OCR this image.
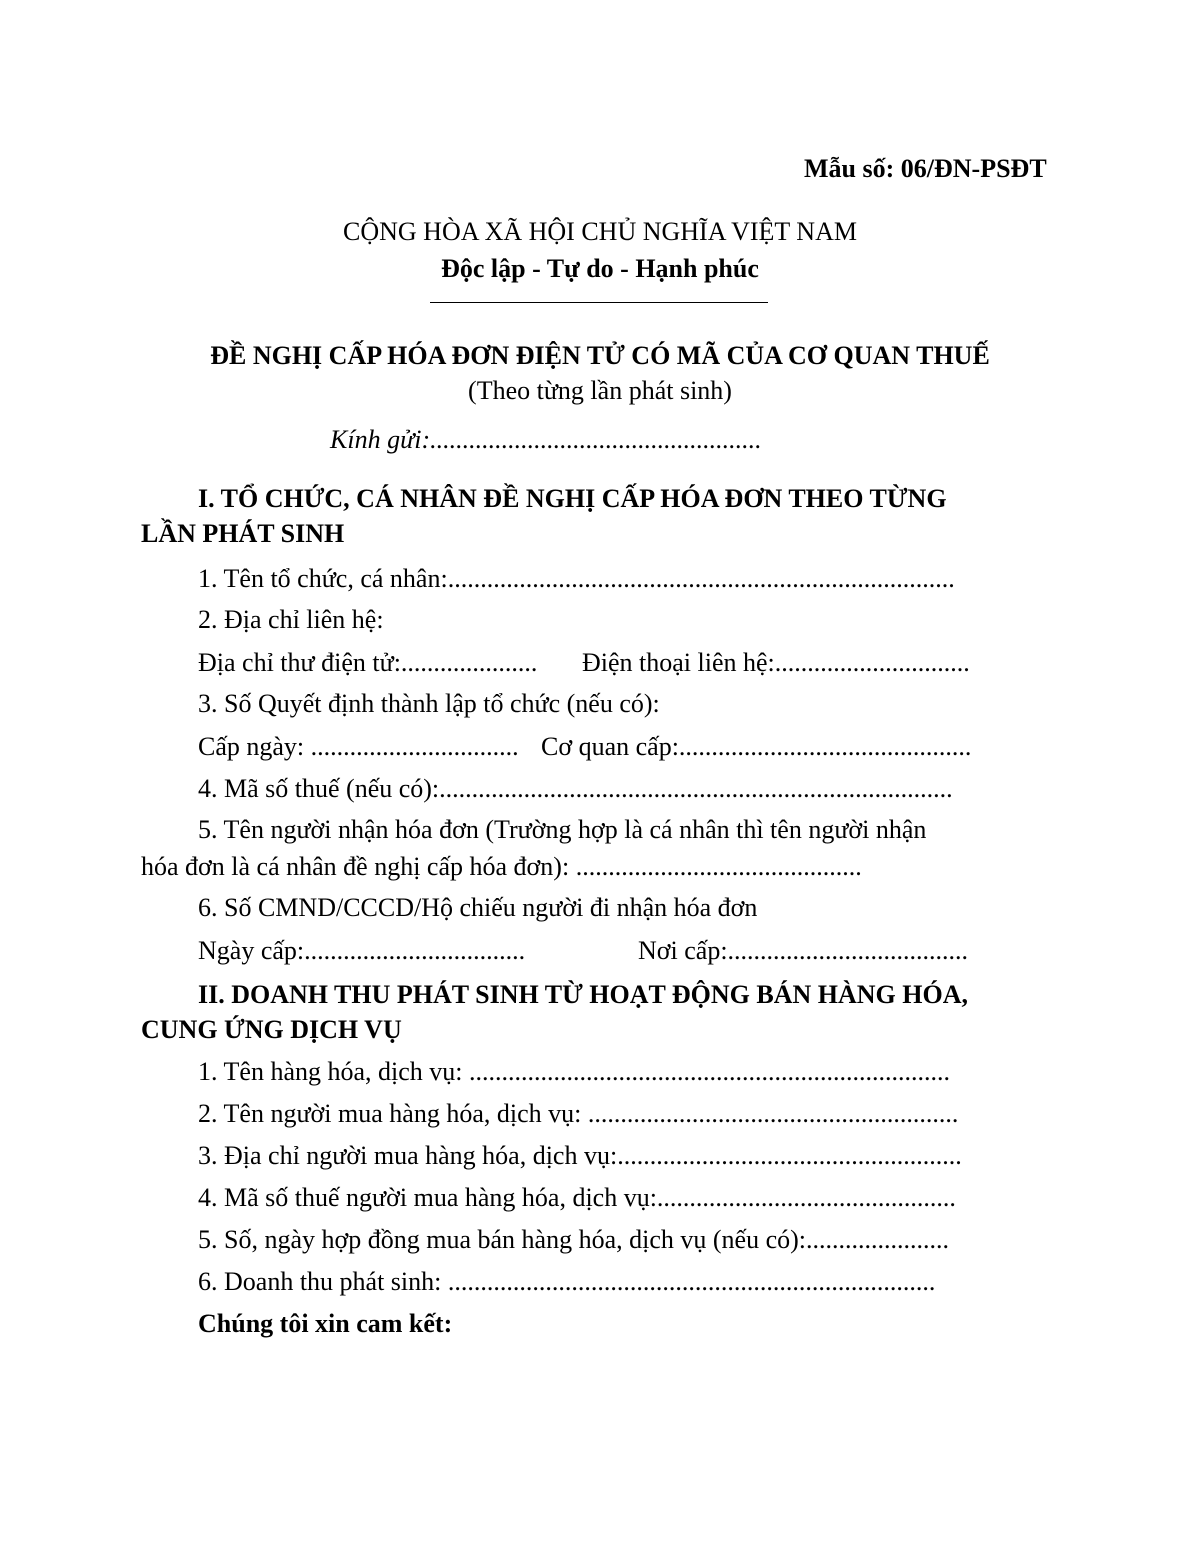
Mẫu số: 06/ĐN-PSĐT
CỘNG HÒA XÃ HỘI CHỦ NGHĨA VIỆT NAM
Độc lập - Tự do - Hạnh phúc
ĐỀ NGHỊ CẤP HÓA ĐƠN ĐIỆN TỬ CÓ MÃ CỦA CƠ QUAN THUẾ
(Theo từng lần phát sinh)
Kính gửi:...................................................
I. TỔ CHỨC, CÁ NHÂN ĐỀ NGHỊ CẤP HÓA ĐƠN THEO TỪNG
LẦN PHÁT SINH
1. Tên tổ chức, cá nhân:..............................................................................
2. Địa chỉ liên hệ:
Địa chỉ thư điện tử:..................... Điện thoại liên hệ:..............................
3. Số Quyết định thành lập tổ chức (nếu có):
Cấp ngày: ................................ Cơ quan cấp:.............................................
4. Mã số thuế (nếu có):...............................................................................
5. Tên người nhận hóa đơn (Trường hợp là cá nhân thì tên người nhận
hóa đơn là cá nhân đề nghị cấp hóa đơn): ............................................
6. Số CMND/CCCD/Hộ chiếu người đi nhận hóa đơn
Ngày cấp:..................................	Nơi cấp:.....................................
II. DOANH THU PHÁT SINH TỪ HOẠT ĐỘNG BÁN HÀNG HÓA,
CUNG ỨNG DỊCH VỤ
1. Tên hàng hóa, dịch vụ: ..........................................................................
2. Tên người mua hàng hóa, dịch vụ: .........................................................
3. Địa chỉ người mua hàng hóa, dịch vụ:.....................................................
4. Mã số thuế người mua hàng hóa, dịch vụ:..............................................
5. Số, ngày hợp đồng mua bán hàng hóa, dịch vụ (nếu có):......................
6. Doanh thu phát sinh: ...........................................................................
Chúng tôi xin cam kết:
